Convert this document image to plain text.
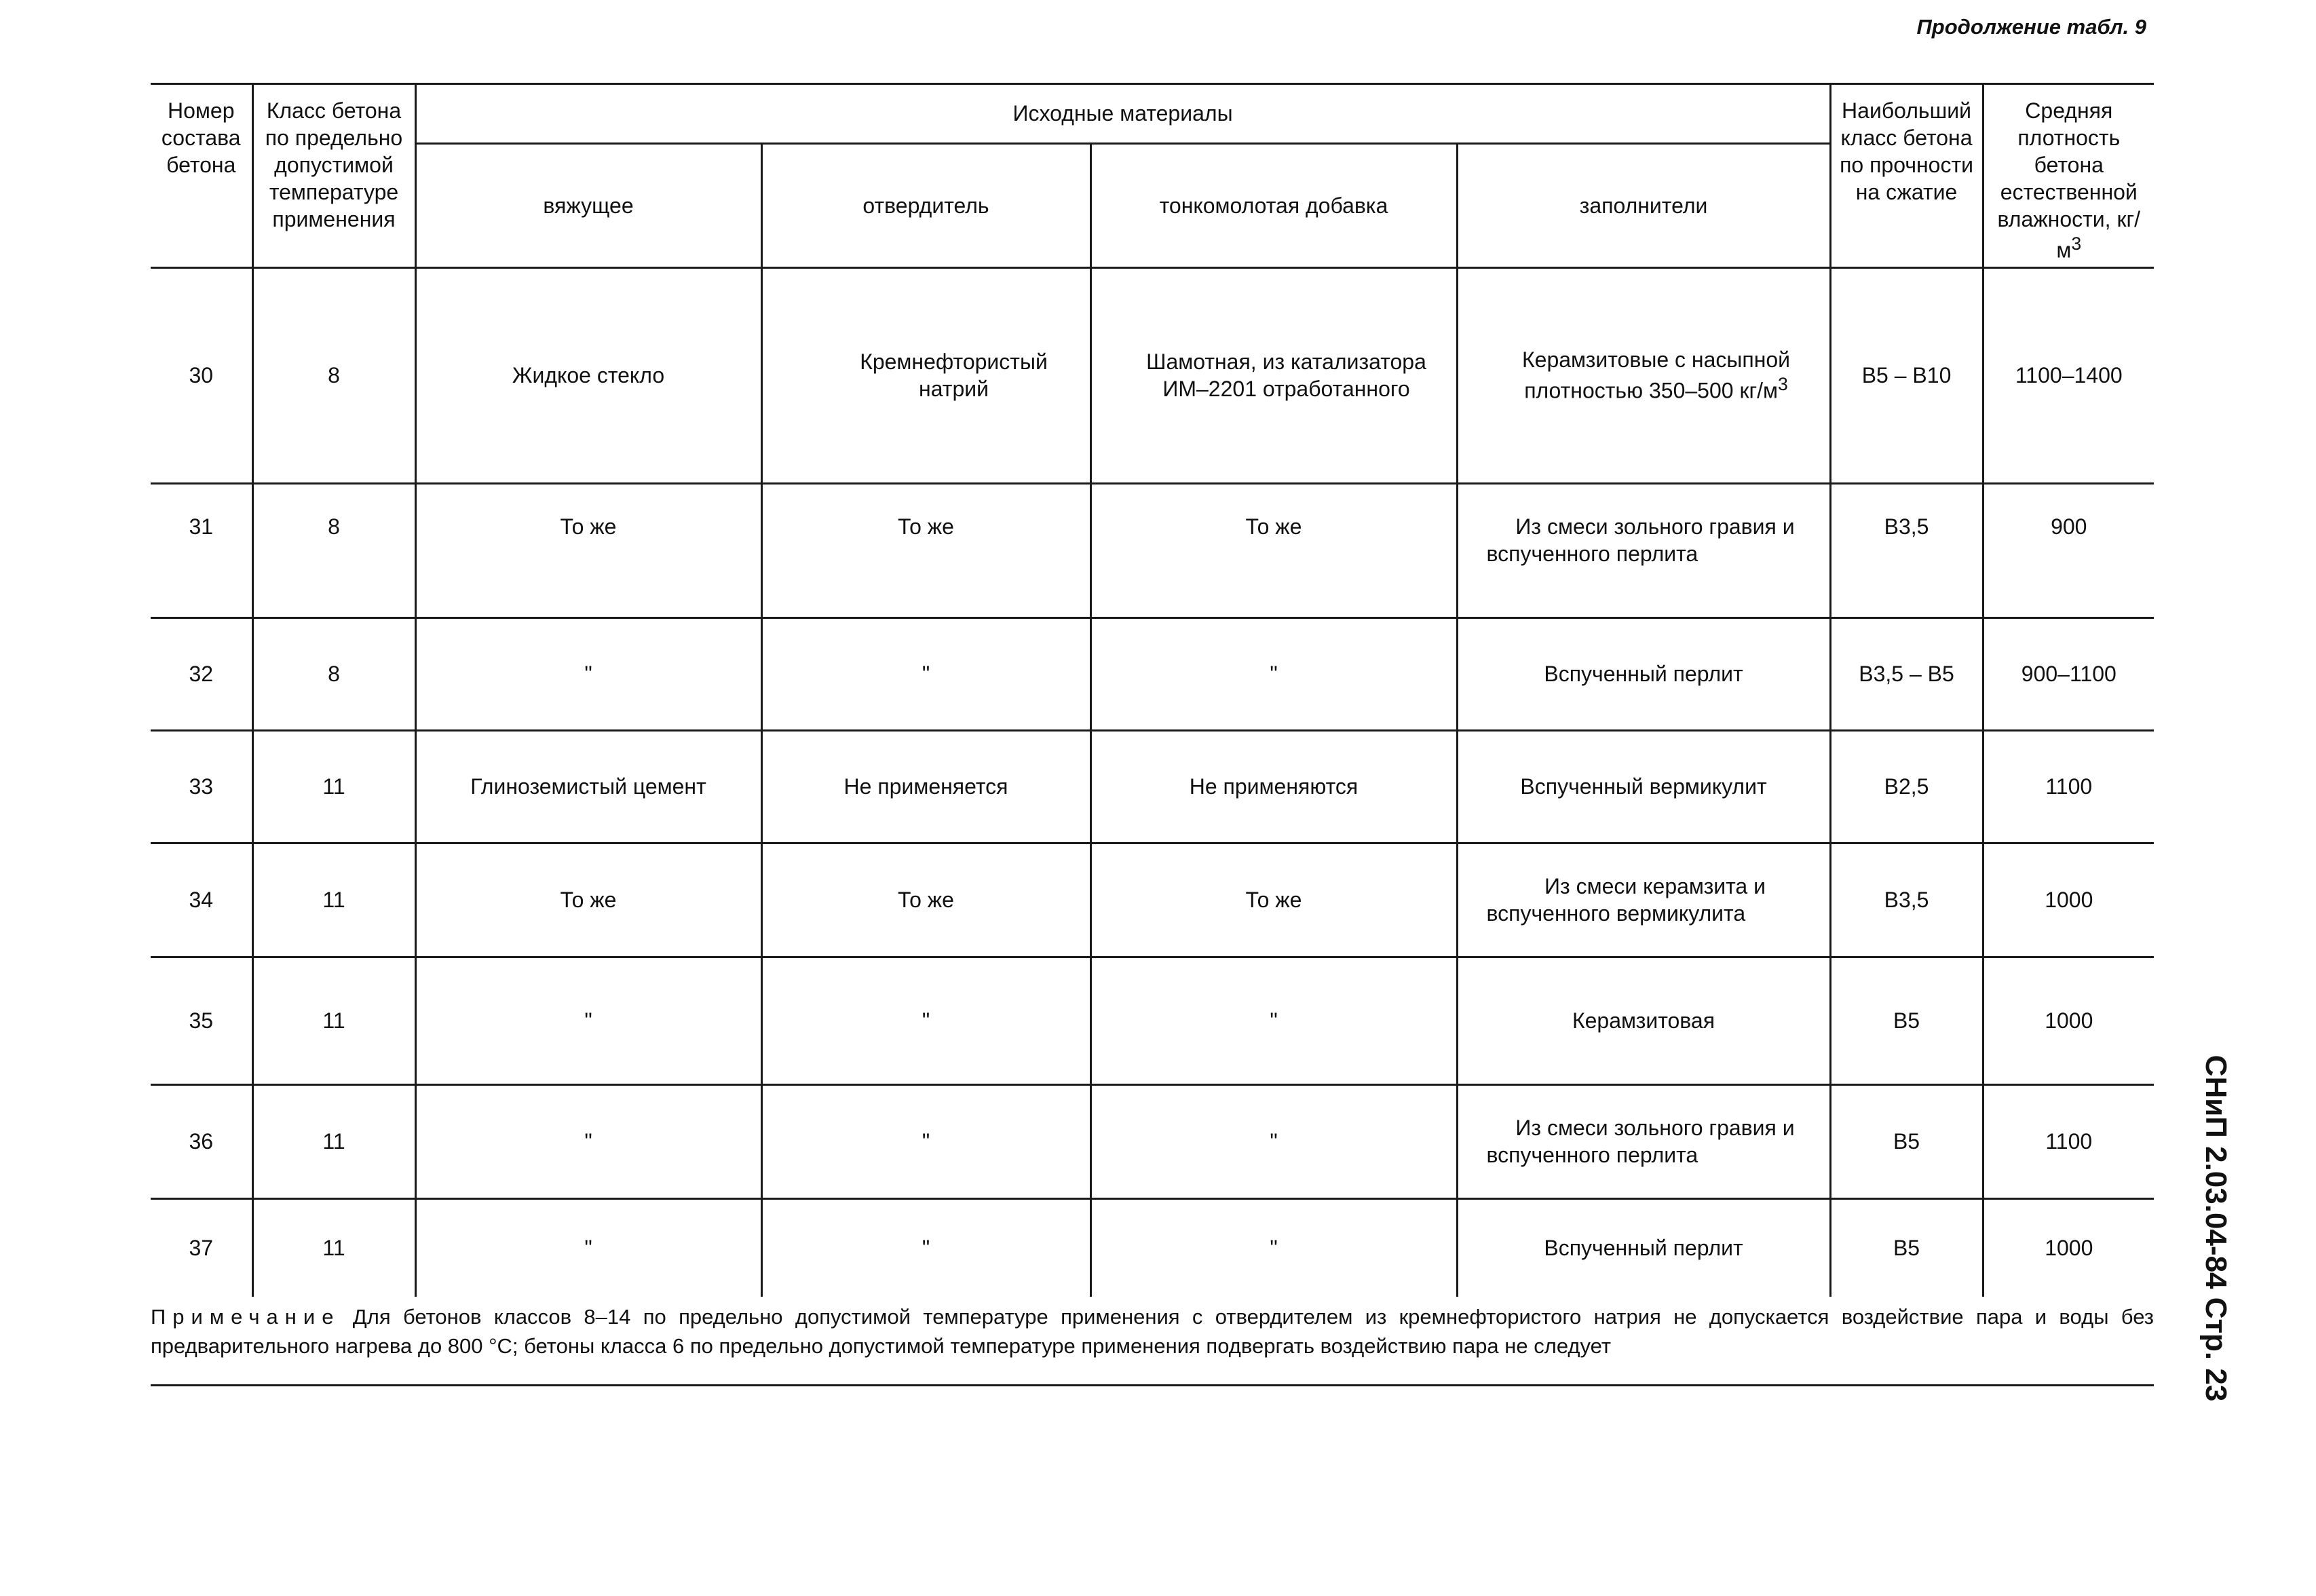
Продолжение табл. 9
Номер состава бетона	Класс бетона по предельно допустимой температуре применения	Исходные материалы				Наибольший класс бетона по прочности на сжатие	Средняя плотность бетона естественной влажности, $кг/м^3$
		вяжущее	отвердитель	тонкомолотая добавка	заполнители		
30	8	Жидкое стекло	Кремнефтористый натрий	Шамотная, из катализатора ИМ–2201 отработанного	Керамзитовые с насыпной плотностью 350–500 $кг/м^3$	В5 – В10	1100–1400
31	8	То же	То же	То же	Из смеси зольного гравия и вспученного перлита	В3,5	900
32	8	"	"	"	Вспученный перлит	В3,5 – В5	900–1100
33	11	Глиноземистый цемент	Не применяется	Не применяются	Вспученный вермикулит	В2,5	1100
34	11	То же	То же	То же	Из смеси керамзита и вспученного вермикулита	В3,5	1000
35	11	"	"	"	Керамзитовая	В5	1000
36	11	"	"	"	Из смеси зольного гравия и вспученного перлита	В5	1100
37	11	"	"	"	Вспученный перлит	В5	1000
Примечание Для бетонов классов 8–14 по предельно допустимой температуре применения с отвердителем из кремнефтористого натрия не допускается воздействие пара и воды без предварительного нагрева до 800 °С; бетоны класса 6 по предельно допустимой температуре применения подвергать воздействию пара не следует	СНиП 2.03.04-84 Стр. 23
